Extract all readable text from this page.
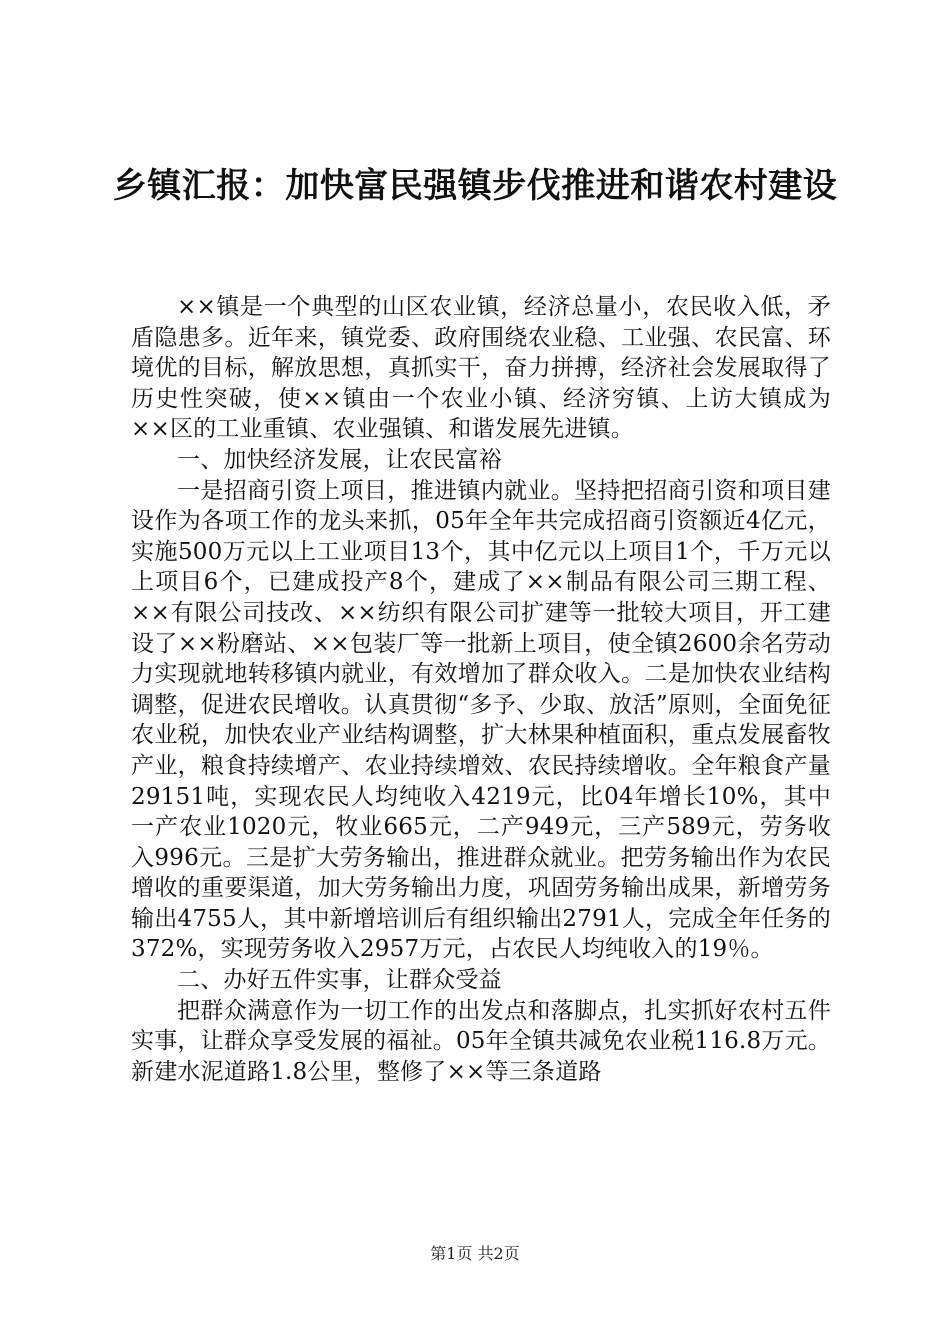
乡镇汇报：加快富民强镇步伐推进和谐农村建设

××镇是一个典型的山区农业镇，经济总量小，农民收入低，矛盾隐患多。近年来，镇党委、政府围绕农业稳、工业强、农民富、环境优的目标，解放思想，真抓实干，奋力拼搏，经济社会发展取得了历史性突破，使××镇由一个农业小镇、经济穷镇、上访大镇成为××区的工业重镇、农业强镇、和谐发展先进镇。

一、加快经济发展，让农民富裕

一是招商引资上项目，推进镇内就业。坚持把招商引资和项目建设作为各项工作的龙头来抓，05年全年共完成招商引资额近4亿元，实施500万元以上工业项目13个，其中亿元以上项目1个，千万元以上项目6个，已建成投产8个，建成了××制品有限公司三期工程、××有限公司技改、××纺织有限公司扩建等一批较大项目，开工建设了××粉磨站、××包装厂等一批新上项目，使全镇2600余名劳动力实现就地转移镇内就业，有效增加了群众收入。二是加快农业结构调整，促进农民增收。认真贯彻“多予、少取、放活”原则，全面免征农业税，加快农业产业结构调整，扩大林果种植面积，重点发展畜牧产业，粮食持续增产、农业持续增效、农民持续增收。全年粮食产量29151吨，实现农民人均纯收入4219元，比04年增长10%，其中一产农业1020元，牧业665元，二产949元，三产589元，劳务收入996元。三是扩大劳务输出，推进群众就业。把劳务输出作为农民增收的重要渠道，加大劳务输出力度，巩固劳务输出成果，新增劳务输出4755人，其中新增培训后有组织输出2791人，完成全年任务的372%，实现劳务收入2957万元，占农民人均纯收入的19％。

二、办好五件实事，让群众受益

把群众满意作为一切工作的出发点和落脚点，扎实抓好农村五件实事，让群众享受发展的福祉。05年全镇共减免农业税116.8万元。新建水泥道路1.8公里，整修了××等三条道路

第1页 共2页
